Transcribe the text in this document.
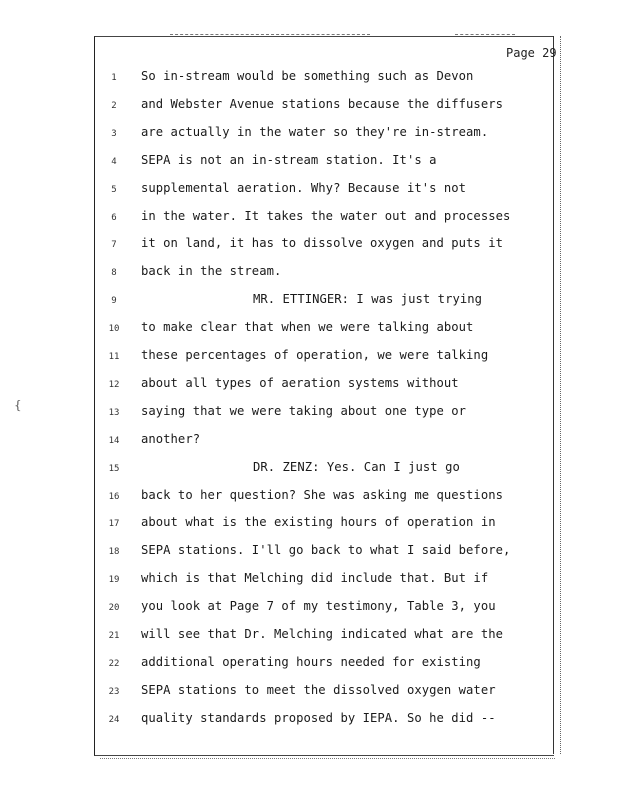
{
Page 29
1	So in-stream would be something such as Devon
2	and Webster Avenue stations because the diffusers
3	are actually in the water so they're in-stream.
4	SEPA is not an in-stream station. It's a
5	supplemental aeration. Why? Because it's not
6	in the water. It takes the water out and processes
7	it on land, it has to dissolve oxygen and puts it
8	back in the stream.
9	MR. ETTINGER: I was just trying
10	to make clear that when we were talking about
11	these percentages of operation, we were talking
12	about all types of aeration systems without
13	saying that we were taking about one type or
14	another?
15	DR. ZENZ: Yes. Can I just go
16	back to her question? She was asking me questions
17	about what is the existing hours of operation in
18	SEPA stations. I'll go back to what I said before,
19	which is that Melching did include that. But if
20	you look at Page 7 of my testimony, Table 3, you
21	will see that Dr. Melching indicated what are the
22	additional operating hours needed for existing
23	SEPA stations to meet the dissolved oxygen water
24	quality standards proposed by IEPA. So he did --
